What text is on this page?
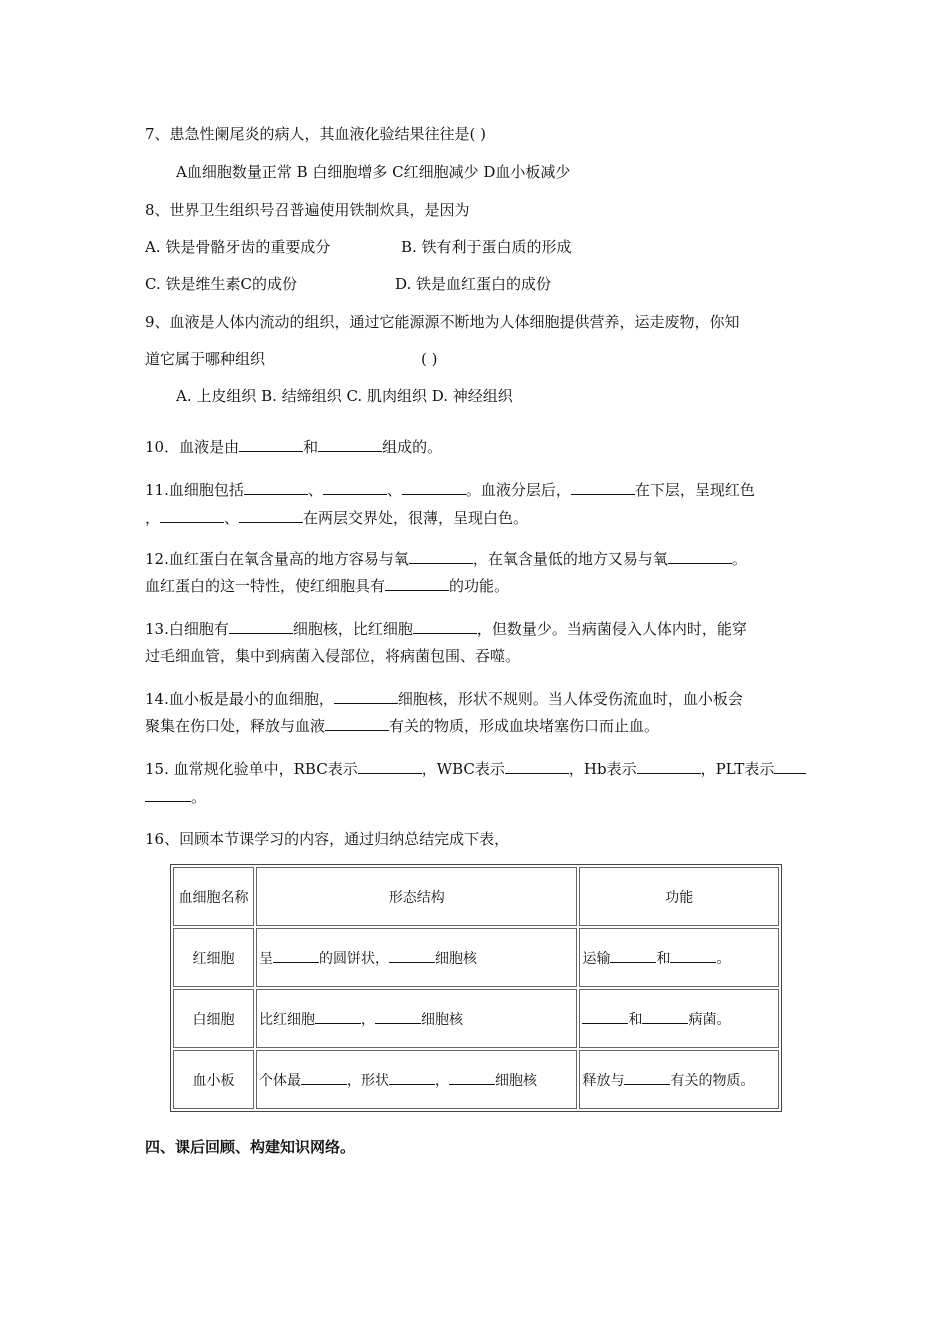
7、患急性阑尾炎的病人，其血液化验结果往往是( )
A血细胞数量正常 B 白细胞增多 C红细胞减少 D血小板减少
8、世界卫生组织号召普遍使用铁制炊具，是因为
A. 铁是骨骼牙齿的重要成分	B. 铁有利于蛋白质的形成
C. 铁是维生素C的成份	D. 铁是血红蛋白的成份
9、血液是人体内流动的组织，通过它能源源不断地为人体细胞提供营养，运走废物，你知
道它属于哪种组织	( )
A. 上皮组织 B. 结缔组织 C. 肌肉组织 D. 神经组织
10．血液是由	和	组成的。
11.血细胞包括	、	、	。血液分层后，	在下层，呈现红色
，	、	在两层交界处，很薄，呈现白色。
12.血红蛋白在氧含量高的地方容易与氧	，在氧含量低的地方又易与氧	。
血红蛋白的这一特性，使红细胞具有	的功能。
13.白细胞有	细胞核，比红细胞	，但数量少。当病菌侵入人体内时，能穿
过毛细血管，集中到病菌入侵部位，将病菌包围、吞噬。
14.血小板是最小的血细胞，	细胞核，形状不规则。当人体受伤流血时，血小板会
聚集在伤口处，释放与血液	有关的物质，形成血块堵塞伤口而止血。
15. 血常规化验单中，RBC表示	，WBC表示	，Hb表示	，PLT表示
。
16、回顾本节课学习的内容，通过归纳总结完成下表，
血细胞名称	形态结构	功能
红细胞	呈 的圆饼状， 细胞核	运输 和 。
白细胞	比红细胞 ， 细胞核	和 病菌。
血小板	个体最 ，形状 ， 细胞核	释放与 有关的物质。
四、课后回顾、构建知识网络。
